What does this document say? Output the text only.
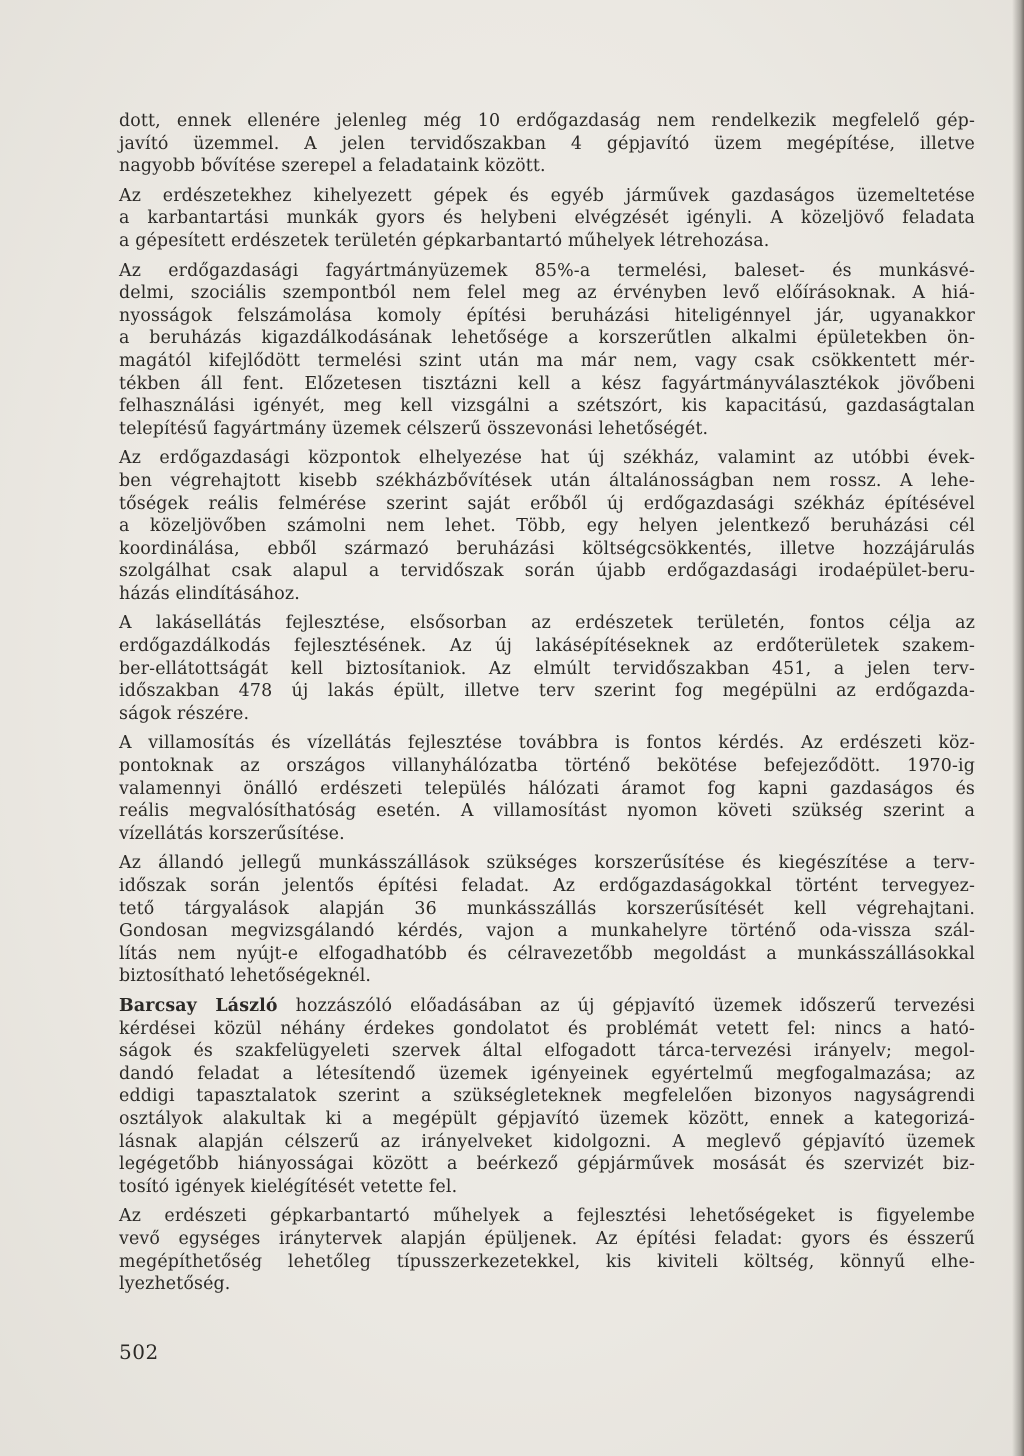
dott, ennek ellenére jelenleg még 10 erdőgazdaság nem rendelkezik megfelelő gép-
javító üzemmel. A jelen tervidőszakban 4 gépjavító üzem megépítése, illetve
nagyobb bővítése szerepel a feladataink között.
Az erdészetekhez kihelyezett gépek és egyéb járművek gazdaságos üzemeltetése
a karbantartási munkák gyors és helybeni elvégzését igényli. A közeljövő feladata
a gépesített erdészetek területén gépkarbantartó műhelyek létrehozása.
Az erdőgazdasági fagyártmányüzemek 85%-a termelési, baleset- és munkásvé-
delmi, szociális szempontból nem felel meg az érvényben levő előírásoknak. A hiá-
nyosságok felszámolása komoly építési beruházási hiteligénnyel jár, ugyanakkor
a beruházás kigazdálkodásának lehetősége a korszerűtlen alkalmi épületekben ön-
magától kifejlődött termelési szint után ma már nem, vagy csak csökkentett mér-
tékben áll fent. Előzetesen tisztázni kell a kész fagyártmányválasztékok jövőbeni
felhasználási igényét, meg kell vizsgálni a szétszórt, kis kapacitású, gazdaságtalan
telepítésű fagyártmány üzemek célszerű összevonási lehetőségét.
Az erdőgazdasági központok elhelyezése hat új székház, valamint az utóbbi évek-
ben végrehajtott kisebb székházbővítések után általánosságban nem rossz. A lehe-
tőségek reális felmérése szerint saját erőből új erdőgazdasági székház építésével
a közeljövőben számolni nem lehet. Több, egy helyen jelentkező beruházási cél
koordinálása, ebből származó beruházási költségcsökkentés, illetve hozzájárulás
szolgálhat csak alapul a tervidőszak során újabb erdőgazdasági irodaépület-beru-
házás elindításához.
A lakásellátás fejlesztése, elsősorban az erdészetek területén, fontos célja az
erdőgazdálkodás fejlesztésének. Az új lakásépítéseknek az erdőterületek szakem-
ber-ellátottságát kell biztosítaniok. Az elmúlt tervidőszakban 451, a jelen terv-
időszakban 478 új lakás épült, illetve terv szerint fog megépülni az erdőgazda-
ságok részére.
A villamosítás és vízellátás fejlesztése továbbra is fontos kérdés. Az erdészeti köz-
pontoknak az országos villanyhálózatba történő bekötése befejeződött. 1970-ig
valamennyi önálló erdészeti település hálózati áramot fog kapni gazdaságos és
reális megvalósíthatóság esetén. A villamosítást nyomon követi szükség szerint a
vízellátás korszerűsítése.
Az állandó jellegű munkásszállások szükséges korszerűsítése és kiegészítése a terv-
időszak során jelentős építési feladat. Az erdőgazdaságokkal történt tervegyez-
tető tárgyalások alapján 36 munkásszállás korszerűsítését kell végrehajtani.
Gondosan megvizsgálandó kérdés, vajon a munkahelyre történő oda-vissza szál-
lítás nem nyújt-e elfogadhatóbb és célravezetőbb megoldást a munkásszállásokkal
biztosítható lehetőségeknél.
Barcsay László hozzászóló előadásában az új gépjavító üzemek időszerű tervezési
kérdései közül néhány érdekes gondolatot és problémát vetett fel: nincs a ható-
ságok és szakfelügyeleti szervek által elfogadott tárca-tervezési irányelv; megol-
dandó feladat a létesítendő üzemek igényeinek egyértelmű megfogalmazása; az
eddigi tapasztalatok szerint a szükségleteknek megfelelően bizonyos nagyságrendi
osztályok alakultak ki a megépült gépjavító üzemek között, ennek a kategorizá-
lásnak alapján célszerű az irányelveket kidolgozni. A meglevő gépjavító üzemek
legégetőbb hiányosságai között a beérkező gépjárművek mosását és szervizét biz-
tosító igények kielégítését vetette fel.
Az erdészeti gépkarbantartó műhelyek a fejlesztési lehetőségeket is figyelembe
vevő egységes iránytervek alapján épüljenek. Az építési feladat: gyors és ésszerű
megépíthetőség lehetőleg típusszerkezetekkel, kis kiviteli költség, könnyű elhe-
lyezhetőség.
502
